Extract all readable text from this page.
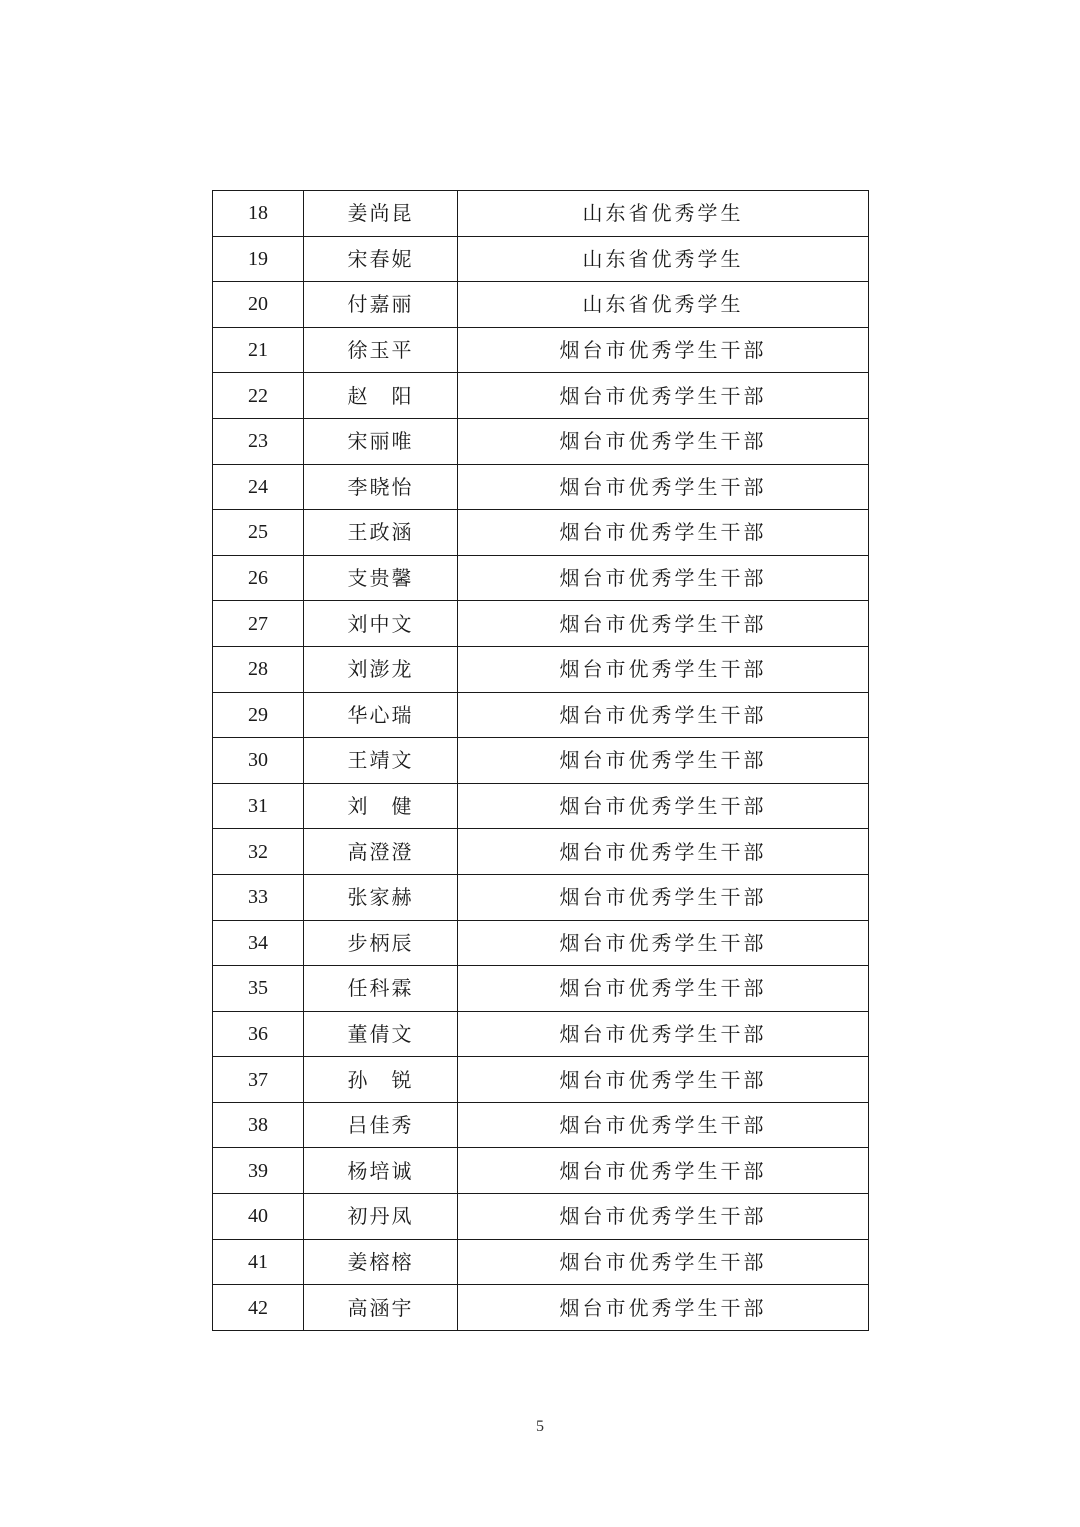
18	姜尚昆	山东省优秀学生
19	宋春妮	山东省优秀学生
20	付嘉丽	山东省优秀学生
21	徐玉平	烟台市优秀学生干部
22	赵　阳	烟台市优秀学生干部
23	宋丽唯	烟台市优秀学生干部
24	李晓怡	烟台市优秀学生干部
25	王政涵	烟台市优秀学生干部
26	支贵馨	烟台市优秀学生干部
27	刘中文	烟台市优秀学生干部
28	刘澎龙	烟台市优秀学生干部
29	华心瑞	烟台市优秀学生干部
30	王靖文	烟台市优秀学生干部
31	刘　健	烟台市优秀学生干部
32	高澄澄	烟台市优秀学生干部
33	张家赫	烟台市优秀学生干部
34	步柄辰	烟台市优秀学生干部
35	任科霖	烟台市优秀学生干部
36	董倩文	烟台市优秀学生干部
37	孙　锐	烟台市优秀学生干部
38	吕佳秀	烟台市优秀学生干部
39	杨培诚	烟台市优秀学生干部
40	初丹凤	烟台市优秀学生干部
41	姜榕榕	烟台市优秀学生干部
42	高涵宇	烟台市优秀学生干部
5
